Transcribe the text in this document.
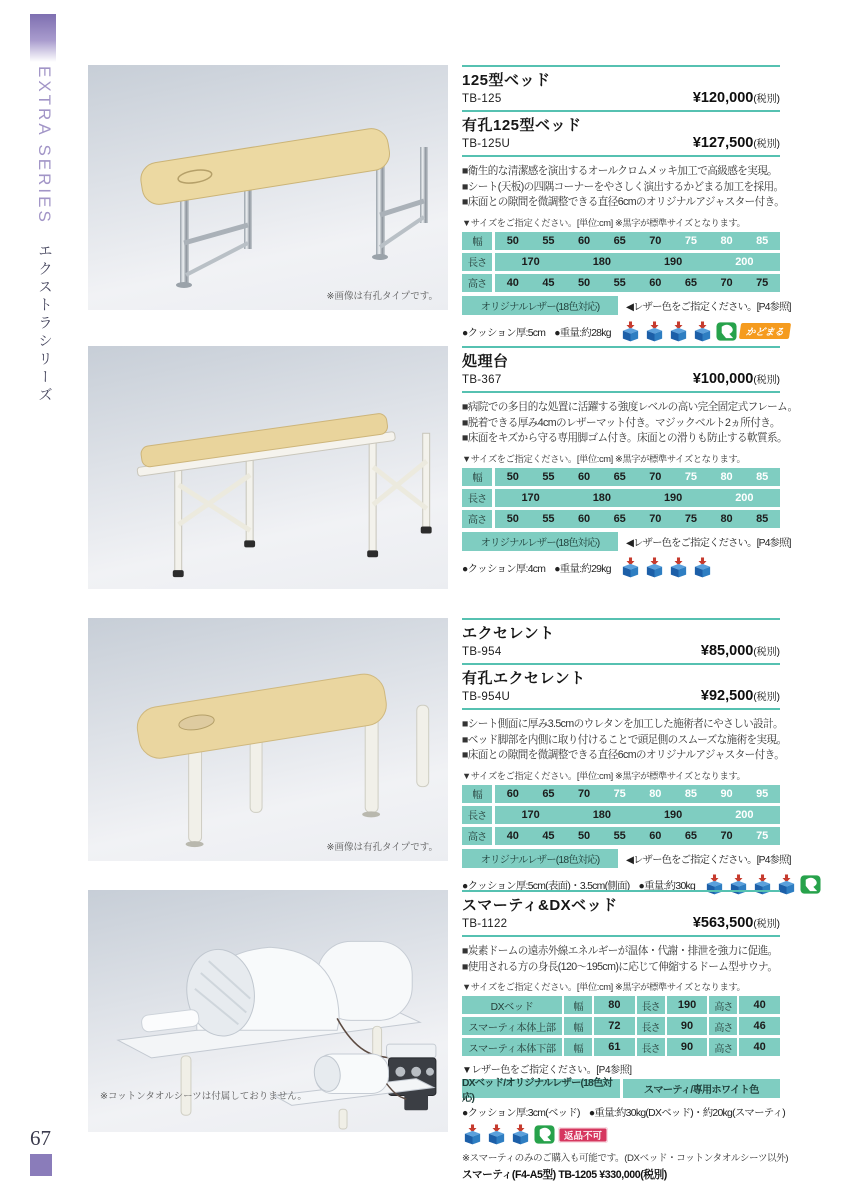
EXTRA SERIESエクストラシリーズ
67
※画像は有孔タイプです。
125型ベッド
TB-125	¥120,000(税別)
有孔125型ベッド
TB-125U	¥127,500(税別)
■衛生的な清潔感を演出するオールクロムメッキ加工で高級感を実現。
■シート(天板)の四隅コーナーをやさしく演出するかどまる加工を採用。
■床面との隙間を微調整できる直径6cmのオリジナルアジャスター付き。
▼サイズをご指定ください。[単位:cm] ※黒字が標準サイズとなります。
幅	50	55	60	65	70	75	80	85
長さ	170	180	190	200
高さ	40	45	50	55	60	65	70	75
オリジナルレザー(18色対応)	◀レザー色をご指定ください。[P4参照]
●クッション厚:5cm ●重量:約28kg	かどまる
処理台
TB-367	¥100,000(税別)
■病院での多目的な処置に活躍する強度レベルの高い完全固定式フレーム。
■脱着できる厚み4cmのレザーマット付き。マジックベルト2ヵ所付き。
■床面をキズから守る専用脚ゴム付き。床面との滑りも防止する軟質系。
▼サイズをご指定ください。[単位:cm] ※黒字が標準サイズとなります。
幅	50	55	60	65	70	75	80	85
長さ	170	180	190	200
高さ	50	55	60	65	70	75	80	85
オリジナルレザー(18色対応)	◀レザー色をご指定ください。[P4参照]
●クッション厚:4cm ●重量:約29kg
※画像は有孔タイプです。
エクセレント
TB-954	¥85,000(税別)
有孔エクセレント
TB-954U	¥92,500(税別)
■シート側面に厚み3.5cmのウレタンを加工した施術者にやさしい設計。
■ベッド脚部を内側に取り付けることで頭足側のスムーズな施術を実現。
■床面との隙間を微調整できる直径6cmのオリジナルアジャスター付き。
▼サイズをご指定ください。[単位:cm] ※黒字が標準サイズとなります。
幅	60	65	70	75	80	85	90	95
長さ	170	180	190	200
高さ	40	45	50	55	60	65	70	75
オリジナルレザー(18色対応)	◀レザー色をご指定ください。[P4参照]
●クッション厚:5cm(表面)・3.5cm(側面) ●重量:約30kg
※コットンタオルシーツは付属しておりません。
スマーティ&DXベッド
TB-1122	¥563,500(税別)
■炭素ドームの遠赤外線エネルギーが温体・代謝・排泄を強力に促進。
■使用される方の身長(120〜195cm)に応じて伸縮するドーム型サウナ。
▼サイズをご指定ください。[単位:cm] ※黒字が標準サイズとなります。
DXベッド	幅	80	長さ	190	高さ	40
スマーティ本体上部	幅	72	長さ	90	高さ	46
スマーティ本体下部	幅	61	長さ	90	高さ	40
▼レザー色をご指定ください。[P4参照]
DXベッド/オリジナルレザー(18色対応)
スマーティ/専用ホワイト色
●クッション厚:3cm(ベッド) ●重量:約30kg(DXベッド)・約20kg(スマーティ)
返品不可
※スマーティのみのご購入も可能です。(DXベッド・コットンタオルシーツ以外)
スマーティ(F4-A5型) TB-1205 ¥330,000(税別)
